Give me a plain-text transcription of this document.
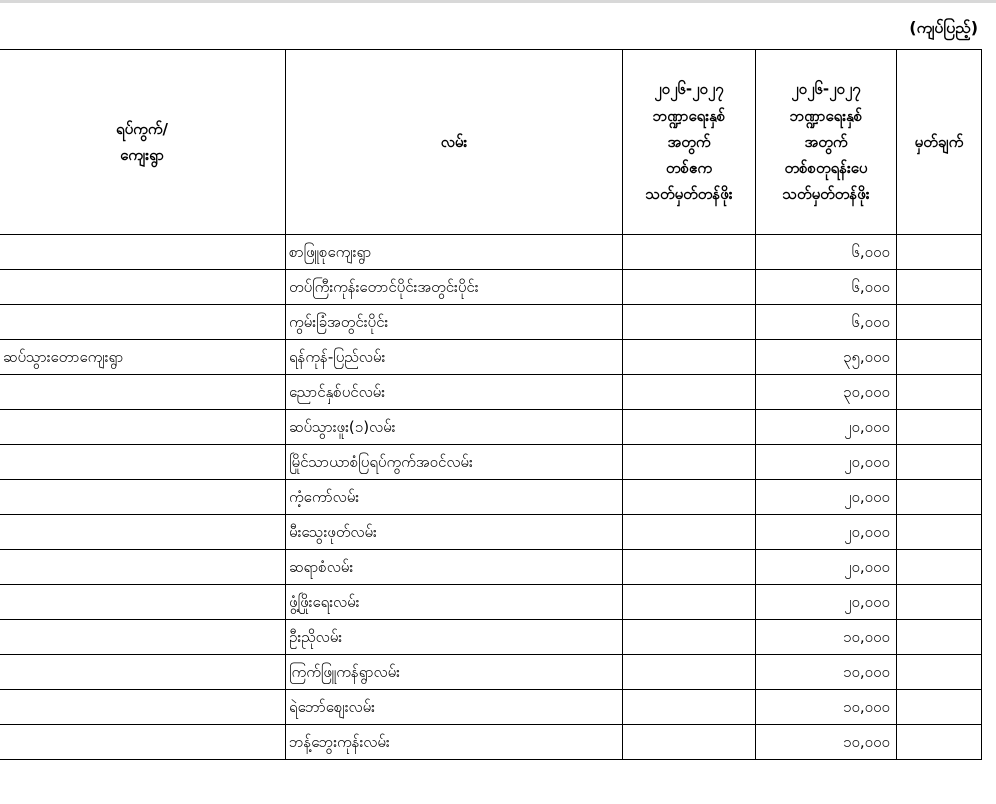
(ကျပ်ပြည့်)
ရပ်ကွက်/
ကျေးရွာ	လမ်း	၂၀၂၆-၂၀၂၇
ဘဏ္ဍာရေးနှစ်
အတွက်
တစ်ဧက
သတ်မှတ်တန်ဖိုး	၂၀၂၆-၂၀၂၇
ဘဏ္ဍာရေးနှစ်
အတွက်
တစ်စတုရန်းပေ
သတ်မှတ်တန်ဖိုး	မှတ်ချက်
	စာဖြူစုကျေးရွာ		၆,၀၀၀	
	တပ်ကြီးကုန်းတောင်ပိုင်းအတွင်းပိုင်း		၆,၀၀၀	
	ကွမ်းခြံအတွင်းပိုင်း		၆,၀၀၀	
ဆပ်သွားတောကျေးရွာ	ရန်ကုန်-ပြည်လမ်း		၃၅,၀၀၀	
	ညောင်နှစ်ပင်လမ်း		၃၀,၀၀၀	
	ဆပ်သွားဖူး(၁)လမ်း		၂၀,၀၀၀	
	မြိုင်သာယာစံပြရပ်ကွက်အဝင်လမ်း		၂၀,၀၀၀	
	ကံ့ကော်လမ်း		၂၀,၀၀၀	
	မီးသွေးဖုတ်လမ်း		၂၀,၀၀၀	
	ဆရာစံလမ်း		၂၀,၀၀၀	
	ဖွံ့ဖြိုးရေးလမ်း		၂၀,၀၀၀	
	ဦးညိုလမ်း		၁၀,၀၀၀	
	ကြက်ဖြူကန်ရွာလမ်း		၁၀,၀၀၀	
	ရဲဘော်စျေးလမ်း		၁၀,၀၀၀	
	ဘန့်ဘွေးကုန်းလမ်း		၁၀,၀၀၀	
